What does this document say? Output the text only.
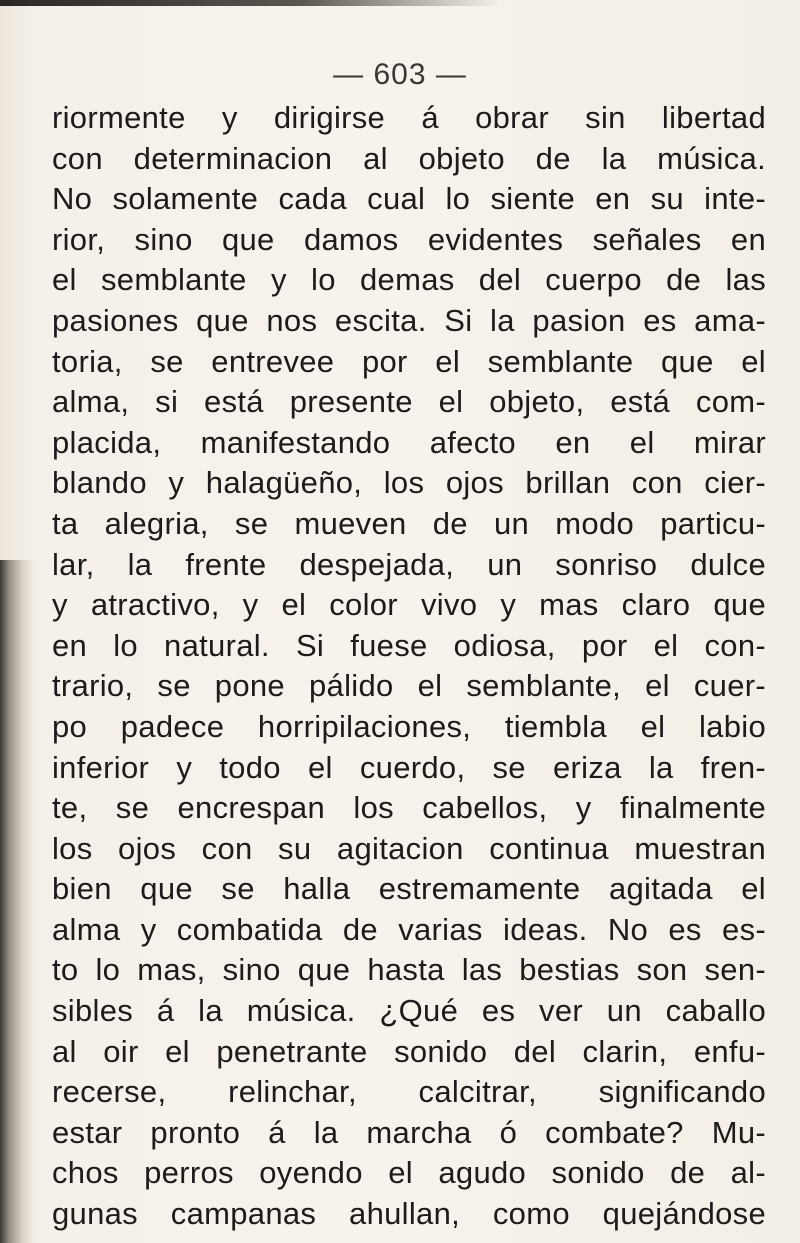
— 603 —
riormente y dirigirse á obrar sin libertad
con determinacion al objeto de la música.
No solamente cada cual lo siente en su inte-
rior, sino que damos evidentes señales en
el semblante y lo demas del cuerpo de las
pasiones que nos escita. Si la pasion es ama-
toria, se entrevee por el semblante que el
alma, si está presente el objeto, está com-
placida, manifestando afecto en el mirar
blando y halagüeño, los ojos brillan con cier-
ta alegria, se mueven de un modo particu-
lar, la frente despejada, un sonriso dulce
y atractivo, y el color vivo y mas claro que
en lo natural. Si fuese odiosa, por el con-
trario, se pone pálido el semblante, el cuer-
po padece horripilaciones, tiembla el labio
inferior y todo el cuerdo, se eriza la fren-
te, se encrespan los cabellos, y finalmente
los ojos con su agitacion continua muestran
bien que se halla estremamente agitada el
alma y combatida de varias ideas. No es es-
to lo mas, sino que hasta las bestias son sen-
sibles á la música. ¿Qué es ver un caballo
al oir el penetrante sonido del clarin, enfu-
recerse, relinchar, calcitrar, significando
estar pronto á la marcha ó combate? Mu-
chos perros oyendo el agudo sonido de al-
gunas campanas ahullan, como quejándose
